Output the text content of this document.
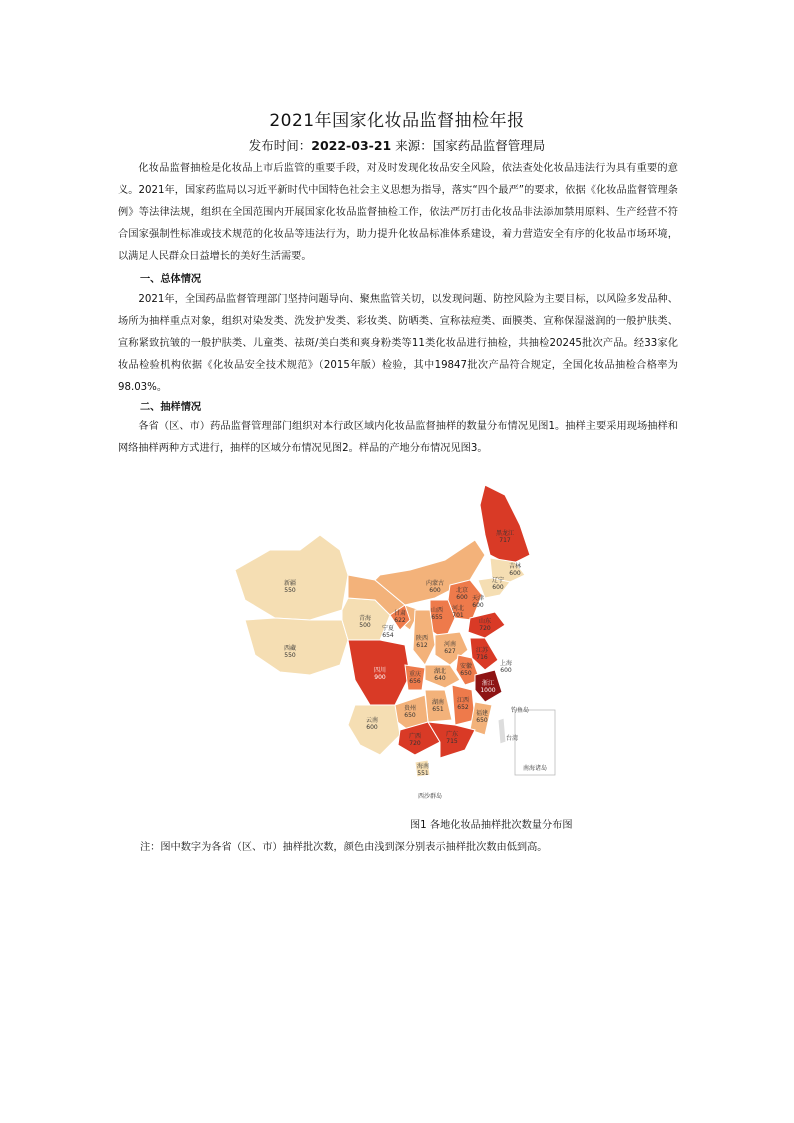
2021年国家化妆品监督抽检年报
发布时间：2022-03-21 来源：国家药品监督管理局
化妆品监督抽检是化妆品上市后监管的重要手段，对及时发现化妆品安全风险，依法查处化妆品违法行为具有重要的意义。2021年，国家药监局以习近平新时代中国特色社会主义思想为指导，落实“四个最严”的要求，依据《化妆品监督管理条例》等法律法规，组织在全国范围内开展国家化妆品监督抽检工作，依法严厉打击化妆品非法添加禁用原料、生产经营不符合国家强制性标准或技术规范的化妆品等违法行为，助力提升化妆品标准体系建设，着力营造安全有序的化妆品市场环境，以满足人民群众日益增长的美好生活需要。
一、总体情况
2021年，全国药品监督管理部门坚持问题导向、聚焦监管关切，以发现问题、防控风险为主要目标，以风险多发品种、场所为抽样重点对象，组织对染发类、洗发护发类、彩妆类、防晒类、宣称祛痘类、面膜类、宣称保湿滋润的一般护肤类、宣称紧致抗皱的一般护肤类、儿童类、祛斑/美白类和爽身粉类等11类化妆品进行抽检，共抽检20245批次产品。经33家化妆品检验机构依据《化妆品安全技术规范》（2015年版）检验，其中19847批次产品符合规定，全国化妆品抽检合格率为98.03%。
二、抽样情况
各省（区、市）药品监督管理部门组织对本行政区域内化妆品监督抽样的数量分布情况见图1。抽样主要采用现场抽样和网络抽样两种方式进行，抽样的区域分布情况见图2。样品的产地分布情况见图3。
新疆 550
西藏 550
青海 500
甘肃 622
宁夏 654
内蒙古 600
黑龙江 717
吉林 600
辽宁 600
北京 600 天津 600
河北 701
山西 655
山东 720
陕西 612	河南 627	江苏 716
上海 600
安徽 650
湖北 640
四川 900	重庆 656	浙江 1000
湖南 651
江西 652
福建 650
贵州 650
云南 600
广西 720
广东 715
海南 551
台湾
钓鱼岛
南海诸岛
西沙群岛
图1 各地化妆品抽样批次数量分布图
注：图中数字为各省（区、市）抽样批次数，颜色由浅到深分别表示抽样批次数由低到高。
